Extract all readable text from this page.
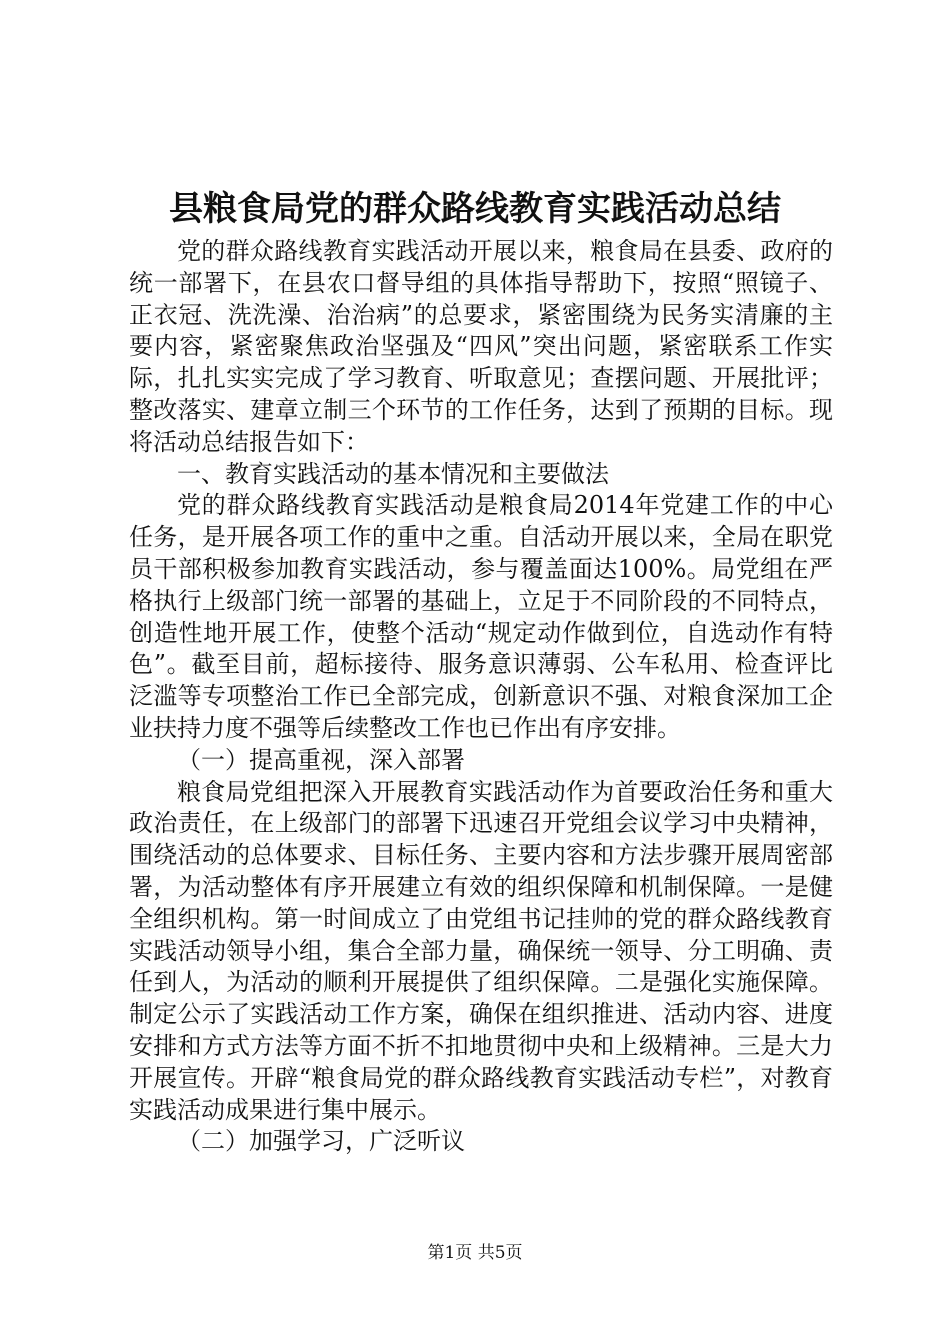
县粮食局党的群众路线教育实践活动总结

党的群众路线教育实践活动开展以来，粮食局在县委、政府的统一部署下，在县农口督导组的具体指导帮助下，按照“照镜子、正衣冠、洗洗澡、治治病”的总要求，紧密围绕为民务实清廉的主要内容，紧密聚焦政治坚强及“四风”突出问题，紧密联系工作实际，扎扎实实完成了学习教育、听取意见；查摆问题、开展批评；整改落实、建章立制三个环节的工作任务，达到了预期的目标。现将活动总结报告如下：

一、教育实践活动的基本情况和主要做法

党的群众路线教育实践活动是粮食局2014年党建工作的中心任务，是开展各项工作的重中之重。自活动开展以来，全局在职党员干部积极参加教育实践活动，参与覆盖面达100%。局党组在严格执行上级部门统一部署的基础上，立足于不同阶段的不同特点，创造性地开展工作，使整个活动“规定动作做到位，自选动作有特色”。截至目前，超标接待、服务意识薄弱、公车私用、检查评比泛滥等专项整治工作已全部完成，创新意识不强、对粮食深加工企业扶持力度不强等后续整改工作也已作出有序安排。

（一）提高重视，深入部署

粮食局党组把深入开展教育实践活动作为首要政治任务和重大政治责任，在上级部门的部署下迅速召开党组会议学习中央精神，围绕活动的总体要求、目标任务、主要内容和方法步骤开展周密部署，为活动整体有序开展建立有效的组织保障和机制保障。一是健全组织机构。第一时间成立了由党组书记挂帅的党的群众路线教育实践活动领导小组，集合全部力量，确保统一领导、分工明确、责任到人，为活动的顺利开展提供了组织保障。二是强化实施保障。制定公示了实践活动工作方案，确保在组织推进、活动内容、进度安排和方式方法等方面不折不扣地贯彻中央和上级精神。三是大力开展宣传。开辟“粮食局党的群众路线教育实践活动专栏”，对教育实践活动成果进行集中展示。

（二）加强学习，广泛听议

第1页 共5页
